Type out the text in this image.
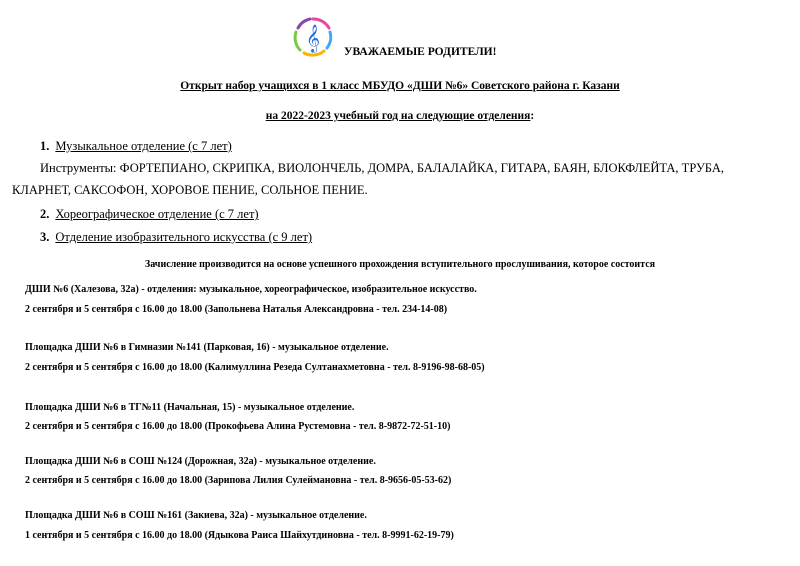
𝄞 УВАЖАЕМЫЕ РОДИТЕЛИ!
Открыт набор учащихся в 1 класс МБУДО «ДШИ №6» Советского района г. Казани
на 2022-2023 учебный год на следующие отделения:
1. Музыкальное отделение (с 7 лет)
Инструменты: ФОРТЕПИАНО, СКРИПКА, ВИОЛОНЧЕЛЬ, ДОМРА, БАЛАЛАЙКА, ГИТАРА, БАЯН, БЛОКФЛЕЙТА, ТРУБА,
КЛАРНЕТ, САКСОФОН, ХОРОВОЕ ПЕНИЕ, СОЛЬНОЕ ПЕНИЕ.
2. Хореографическое отделение (с 7 лет)
3. Отделение изобразительного искусства (с 9 лет)
Зачисление производится на основе успешного прохождения вступительного прослушивания, которое состоится
ДШИ №6 (Халезова, 32а) - отделения: музыкальное, хореографическое, изобразительное искусство.
2 сентября и 5 сентября с 16.00 до 18.00 (Запольнева Наталья Александровна - тел. 234-14-08)
Площадка ДШИ №6 в Гимназии №141 (Парковая, 16) - музыкальное отделение.
2 сентября и 5 сентября с 16.00 до 18.00 (Калимуллина Резеда Султанахметовна - тел. 8-9196-98-68-05)
Площадка ДШИ №6 в ТГ№11 (Начальная, 15) - музыкальное отделение.
2 сентября и 5 сентября с 16.00 до 18.00 (Прокофьева Алина Рустемовна - тел. 8-9872-72-51-10)
Площадка ДШИ №6 в СОШ №124 (Дорожная, 32а) - музыкальное отделение.
2 сентября и 5 сентября с 16.00 до 18.00 (Зарипова Лилия Сулеймановна - тел. 8-9656-05-53-62)
Площадка ДШИ №6 в СОШ №161 (Закиева, 32а) - музыкальное отделение.
1 сентября и 5 сентября с 16.00 до 18.00 (Ядыкова Раиса Шайхутдиновна - тел. 8-9991-62-19-79)
